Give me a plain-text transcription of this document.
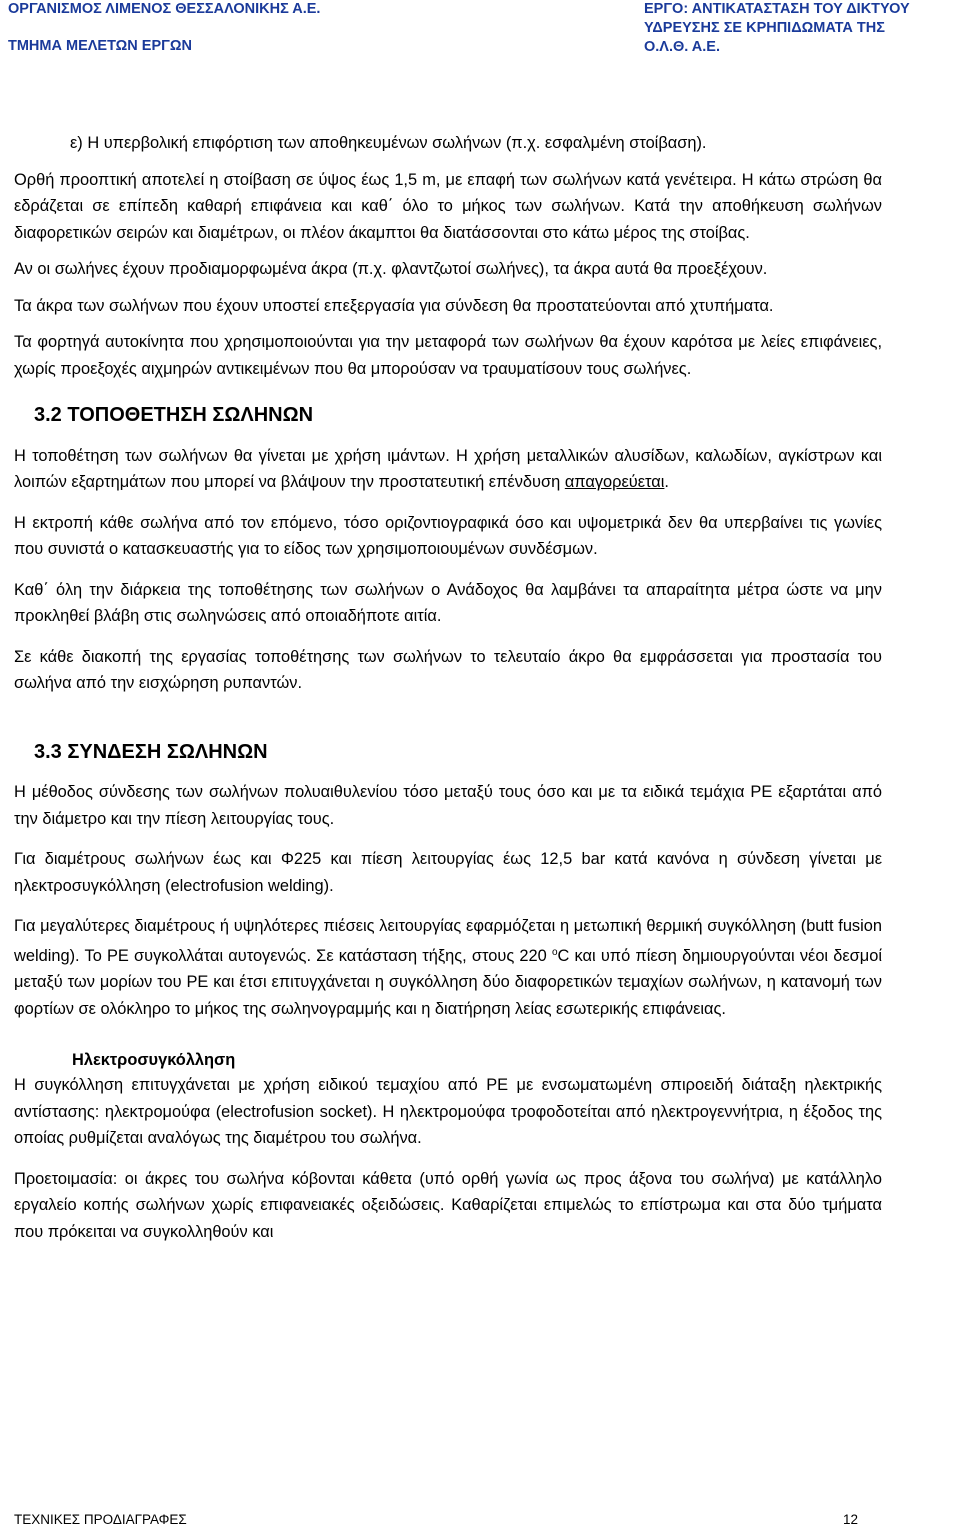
ΟΡΓΑΝΙΣΜΟΣ ΛΙΜΕΝΟΣ ΘΕΣΣΑΛΟΝΙΚΗΣ Α.Ε.
ΤΜΗΜΑ ΜΕΛΕΤΩΝ ΕΡΓΩΝ
ΕΡΓΟ: ΑΝΤΙΚΑΤΑΣΤΑΣΗ ΤΟΥ ΔΙΚΤΥΟΥ
ΥΔΡΕΥΣΗΣ ΣΕ ΚΡΗΠΙΔΩΜΑΤΑ ΤΗΣ
Ο.Λ.Θ. Α.Ε.

ε) Η υπερβολική επιφόρτιση των αποθηκευμένων σωλήνων (π.χ. εσφαλμένη στοίβαση).

Ορθή προοπτική αποτελεί η στοίβαση σε ύψος έως 1,5 m, με επαφή των σωλήνων κατά γενέτειρα. Η κάτω στρώση θα εδράζεται σε επίπεδη καθαρή επιφάνεια και καθ΄ όλο το μήκος των σωλήνων. Κατά την αποθήκευση σωλήνων διαφορετικών σειρών και διαμέτρων, οι πλέον άκαμπτοι θα διατάσσονται στο κάτω μέρος της στοίβας.

Αν οι σωλήνες έχουν προδιαμορφωμένα άκρα (π.χ. φλαντζωτοί σωλήνες), τα άκρα αυτά θα προεξέχουν.

Τα άκρα των σωλήνων που έχουν υποστεί επεξεργασία για σύνδεση θα προστατεύονται από χτυπήματα.

Τα φορτηγά αυτοκίνητα που χρησιμοποιούνται για την μεταφορά των σωλήνων θα έχουν καρότσα με λείες επιφάνειες, χωρίς προεξοχές αιχμηρών αντικειμένων που θα μπορούσαν να τραυματίσουν τους σωλήνες.

3.2 ΤΟΠΟΘΕΤΗΣΗ ΣΩΛΗΝΩΝ

Η τοποθέτηση των σωλήνων θα γίνεται με χρήση ιμάντων. Η χρήση μεταλλικών αλυσίδων, καλωδίων, αγκίστρων και λοιπών εξαρτημάτων που μπορεί να βλάψουν την προστατευτική επένδυση απαγορεύεται.

Η εκτροπή κάθε σωλήνα από τον επόμενο, τόσο οριζοντιογραφικά όσο και υψομετρικά δεν θα υπερβαίνει τις γωνίες που συνιστά ο κατασκευαστής για το είδος των χρησιμοποιουμένων συνδέσμων.

Καθ΄ όλη την διάρκεια της τοποθέτησης των σωλήνων ο Ανάδοχος θα λαμβάνει τα απαραίτητα μέτρα ώστε να μην προκληθεί βλάβη στις σωληνώσεις από οποιαδήποτε αιτία.

Σε κάθε διακοπή της εργασίας τοποθέτησης των σωλήνων το τελευταίο άκρο θα εμφράσσεται για προστασία του σωλήνα από την εισχώρηση ρυπαντών.

3.3 ΣΥΝΔΕΣΗ ΣΩΛΗΝΩΝ

Η μέθοδος σύνδεσης των σωλήνων πολυαιθυλενίου τόσο μεταξύ τους όσο και με τα ειδικά τεμάχια PE εξαρτάται από την διάμετρο και την πίεση λειτουργίας τους.

Για διαμέτρους σωλήνων έως και Φ225 και πίεση λειτουργίας έως 12,5 bar κατά κανόνα η σύνδεση γίνεται με ηλεκτροσυγκόλληση (electrofusion welding).

Για μεγαλύτερες διαμέτρους ή υψηλότερες πιέσεις λειτουργίας εφαρμόζεται η μετωπική θερμική συγκόλληση (butt fusion welding). Το PE συγκολλάται αυτογενώς. Σε κατάσταση τήξης, στους 220 $^o$C και υπό πίεση δημιουργούνται νέοι δεσμοί μεταξύ των μορίων του PE και έτσι επιτυγχάνεται η συγκόλληση δύο διαφορετικών τεμαχίων σωλήνων, η κατανομή των φορτίων σε ολόκληρο το μήκος της σωληνογραμμής και η διατήρηση λείας εσωτερικής επιφάνειας.

Ηλεκτροσυγκόλληση

Η συγκόλληση επιτυγχάνεται με χρήση ειδικού τεμαχίου από PE με ενσωματωμένη σπιροειδή διάταξη ηλεκτρικής αντίστασης: ηλεκτρομούφα (electrofusion socket). Η ηλεκτρομούφα τροφοδοτείται από ηλεκτρογεννήτρια, η έξοδος της οποίας ρυθμίζεται αναλόγως της διαμέτρου του σωλήνα.

Προετοιμασία: οι άκρες του σωλήνα κόβονται κάθετα (υπό ορθή γωνία ως προς άξονα του σωλήνα) με κατάλληλο εργαλείο κοπής σωλήνων χωρίς επιφανειακές οξειδώσεις. Καθαρίζεται επιμελώς το επίστρωμα και στα δύο τμήματα που πρόκειται να συγκολληθούν και

ΤΕΧΝΙΚΕΣ ΠΡΟΔΙΑΓΡΑΦΕΣ	12
